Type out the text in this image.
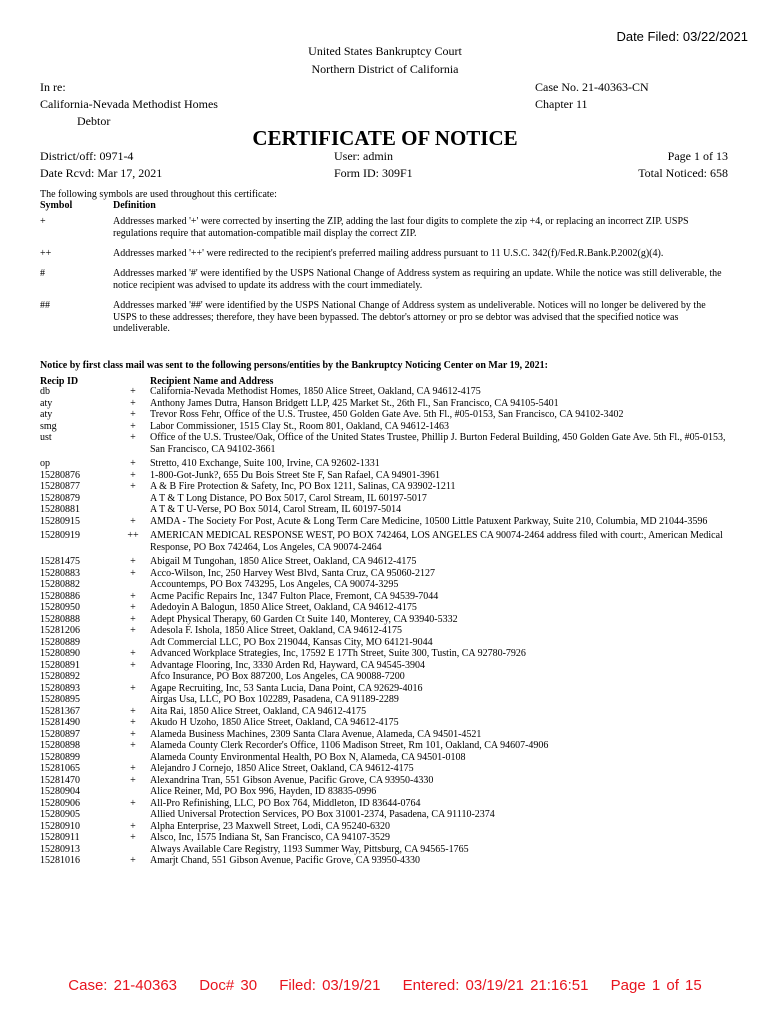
Date Filed: 03/22/2021
United States Bankruptcy Court
Northern District of California
In re:
California-Nevada Methodist Homes
Debtor
Case No. 21-40363-CN
Chapter 11
CERTIFICATE OF NOTICE
District/off: 0971-4
Date Rcvd: Mar 17, 2021
User: admin
Form ID: 309F1
Page 1 of 13
Total Noticed: 658
The following symbols are used throughout this certificate:
Symbol	Definition
+	Addresses marked '+' were corrected by inserting the ZIP, adding the last four digits to complete the zip +4, or replacing an incorrect ZIP. USPS regulations require that automation-compatible mail display the correct ZIP.
++	Addresses marked '++' were redirected to the recipient's preferred mailing address pursuant to 11 U.S.C. 342(f)/Fed.R.Bank.P.2002(g)(4).
#	Addresses marked '#' were identified by the USPS National Change of Address system as requiring an update. While the notice was still deliverable, the notice recipient was advised to update its address with the court immediately.
##	Addresses marked '##' were identified by the USPS National Change of Address system as undeliverable. Notices will no longer be delivered by the USPS to these addresses; therefore, they have been bypassed. The debtor's attorney or pro se debtor was advised that the specified notice was undeliverable.
Notice by first class mail was sent to the following persons/entities by the Bankruptcy Noticing Center on Mar 19, 2021:
Recip ID	Recipient Name and Address
db	+	California-Nevada Methodist Homes, 1850 Alice Street, Oakland, CA 94612-4175
aty	+	Anthony James Dutra, Hanson Bridgett LLP, 425 Market St., 26th Fl., San Francisco, CA 94105-5401
aty	+	Trevor Ross Fehr, Office of the U.S. Trustee, 450 Golden Gate Ave. 5th Fl., #05-0153, San Francisco, CA 94102-3402
smg	+	Labor Commissioner, 1515 Clay St., Room 801, Oakland, CA 94612-1463
ust	+	Office of the U.S. Trustee/Oak, Office of the United States Trustee, Phillip J. Burton Federal Building, 450 Golden Gate Ave. 5th Fl., #05-0153, San Francisco, CA 94102-3661
op	+	Stretto, 410 Exchange, Suite 100, Irvine, CA 92602-1331
15280876	+	1-800-Got-Junk?, 655 Du Bois Street Ste F, San Rafael, CA 94901-3961
15280877	+	A & B Fire Protection & Safety, Inc, PO Box 1211, Salinas, CA 93902-1211
15280879	A T & T Long Distance, PO Box 5017, Carol Stream, IL 60197-5017
15280881	A T & T U-Verse, PO Box 5014, Carol Stream, IL 60197-5014
15280915	+	AMDA - The Society For Post, Acute & Long Term Care Medicine, 10500 Little Patuxent Parkway, Suite 210, Columbia, MD 21044-3596
15280919	++	AMERICAN MEDICAL RESPONSE WEST, PO BOX 742464, LOS ANGELES CA 90074-2464 address filed with court:, American Medical Response, PO Box 742464, Los Angeles, CA 90074-2464
15281475	+	Abigail M Tungohan, 1850 Alice Street, Oakland, CA 94612-4175
15280883	+	Acco-Wilson, Inc, 250 Harvey West Blvd, Santa Cruz, CA 95060-2127
15280882	Accountemps, PO Box 743295, Los Angeles, CA 90074-3295
15280886	+	Acme Pacific Repairs Inc, 1347 Fulton Place, Fremont, CA 94539-7044
15280950	+	Adedoyin A Balogun, 1850 Alice Street, Oakland, CA 94612-4175
15280888	+	Adept Physical Therapy, 60 Garden Ct Suite 140, Monterey, CA 93940-5332
15281206	+	Adesola F. Ishola, 1850 Alice Street, Oakland, CA 94612-4175
15280889	Adt Commercial LLC, PO Box 219044, Kansas City, MO 64121-9044
15280890	+	Advanced Workplace Strategies, Inc, 17592 E 17Th Street, Suite 300, Tustin, CA 92780-7926
15280891	+	Advantage Flooring, Inc, 3330 Arden Rd, Hayward, CA 94545-3904
15280892	Afco Insurance, PO Box 887200, Los Angeles, CA 90088-7200
15280893	+	Agape Recruiting, Inc, 53 Santa Lucia, Dana Point, CA 92629-4016
15280895	Airgas Usa, LLC, PO Box 102289, Pasadena, CA 91189-2289
15281367	+	Aita Rai, 1850 Alice Street, Oakland, CA 94612-4175
15281490	+	Akudo H Uzoho, 1850 Alice Street, Oakland, CA 94612-4175
15280897	+	Alameda Business Machines, 2309 Santa Clara Avenue, Alameda, CA 94501-4521
15280898	+	Alameda County Clerk Recorder's Office, 1106 Madison Street, Rm 101, Oakland, CA 94607-4906
15280899	Alameda County Environmental Health, PO Box N, Alameda, CA 94501-0108
15281065	+	Alejandro J Cornejo, 1850 Alice Street, Oakland, CA 94612-4175
15281470	+	Alexandrina Tran, 551 Gibson Avenue, Pacific Grove, CA 93950-4330
15280904	Alice Reiner, Md, PO Box 996, Hayden, ID 83835-0996
15280906	+	All-Pro Refinishing, LLC, PO Box 764, Middleton, ID 83644-0764
15280905	Allied Universal Protection Services, PO Box 31001-2374, Pasadena, CA 91110-2374
15280910	+	Alpha Enterprise, 23 Maxwell Street, Lodi, CA 95240-6320
15280911	+	Alsco, Inc, 1575 Indiana St, San Francisco, CA 94107-3529
15280913	Always Available Care Registry, 1193 Summer Way, Pittsburg, CA 94565-1765
15281016	+	Amarjt Chand, 551 Gibson Avenue, Pacific Grove, CA 93950-4330
Case: 21-40363 Doc# 30 Filed: 03/19/21 Entered: 03/19/21 21:16:51 Page 1 of 15
